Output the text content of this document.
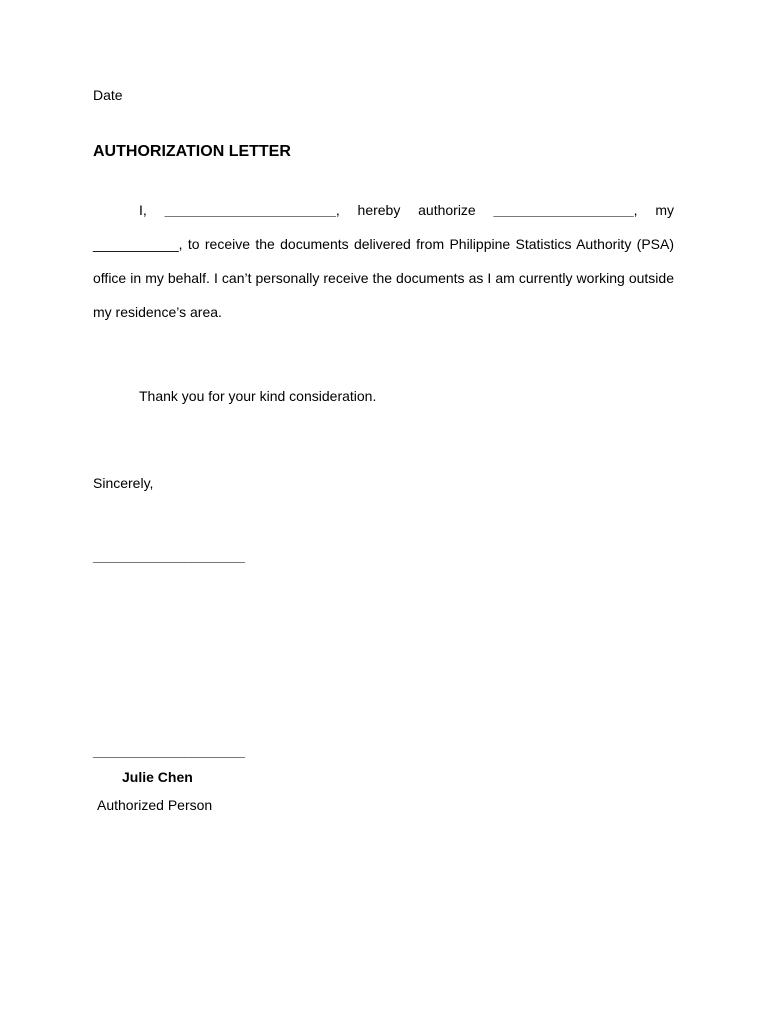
Date
AUTHORIZATION LETTER
I, ______________________, hereby authorize __________________, my
___________, to receive the documents delivered from Philippine Statistics Authority (PSA) office in my behalf. I can’t personally receive the documents as I am currently working outside my residence’s area.
Thank you for your kind consideration.
Sincerely,
____________________
____________________
Julie Chen
Authorized Person
